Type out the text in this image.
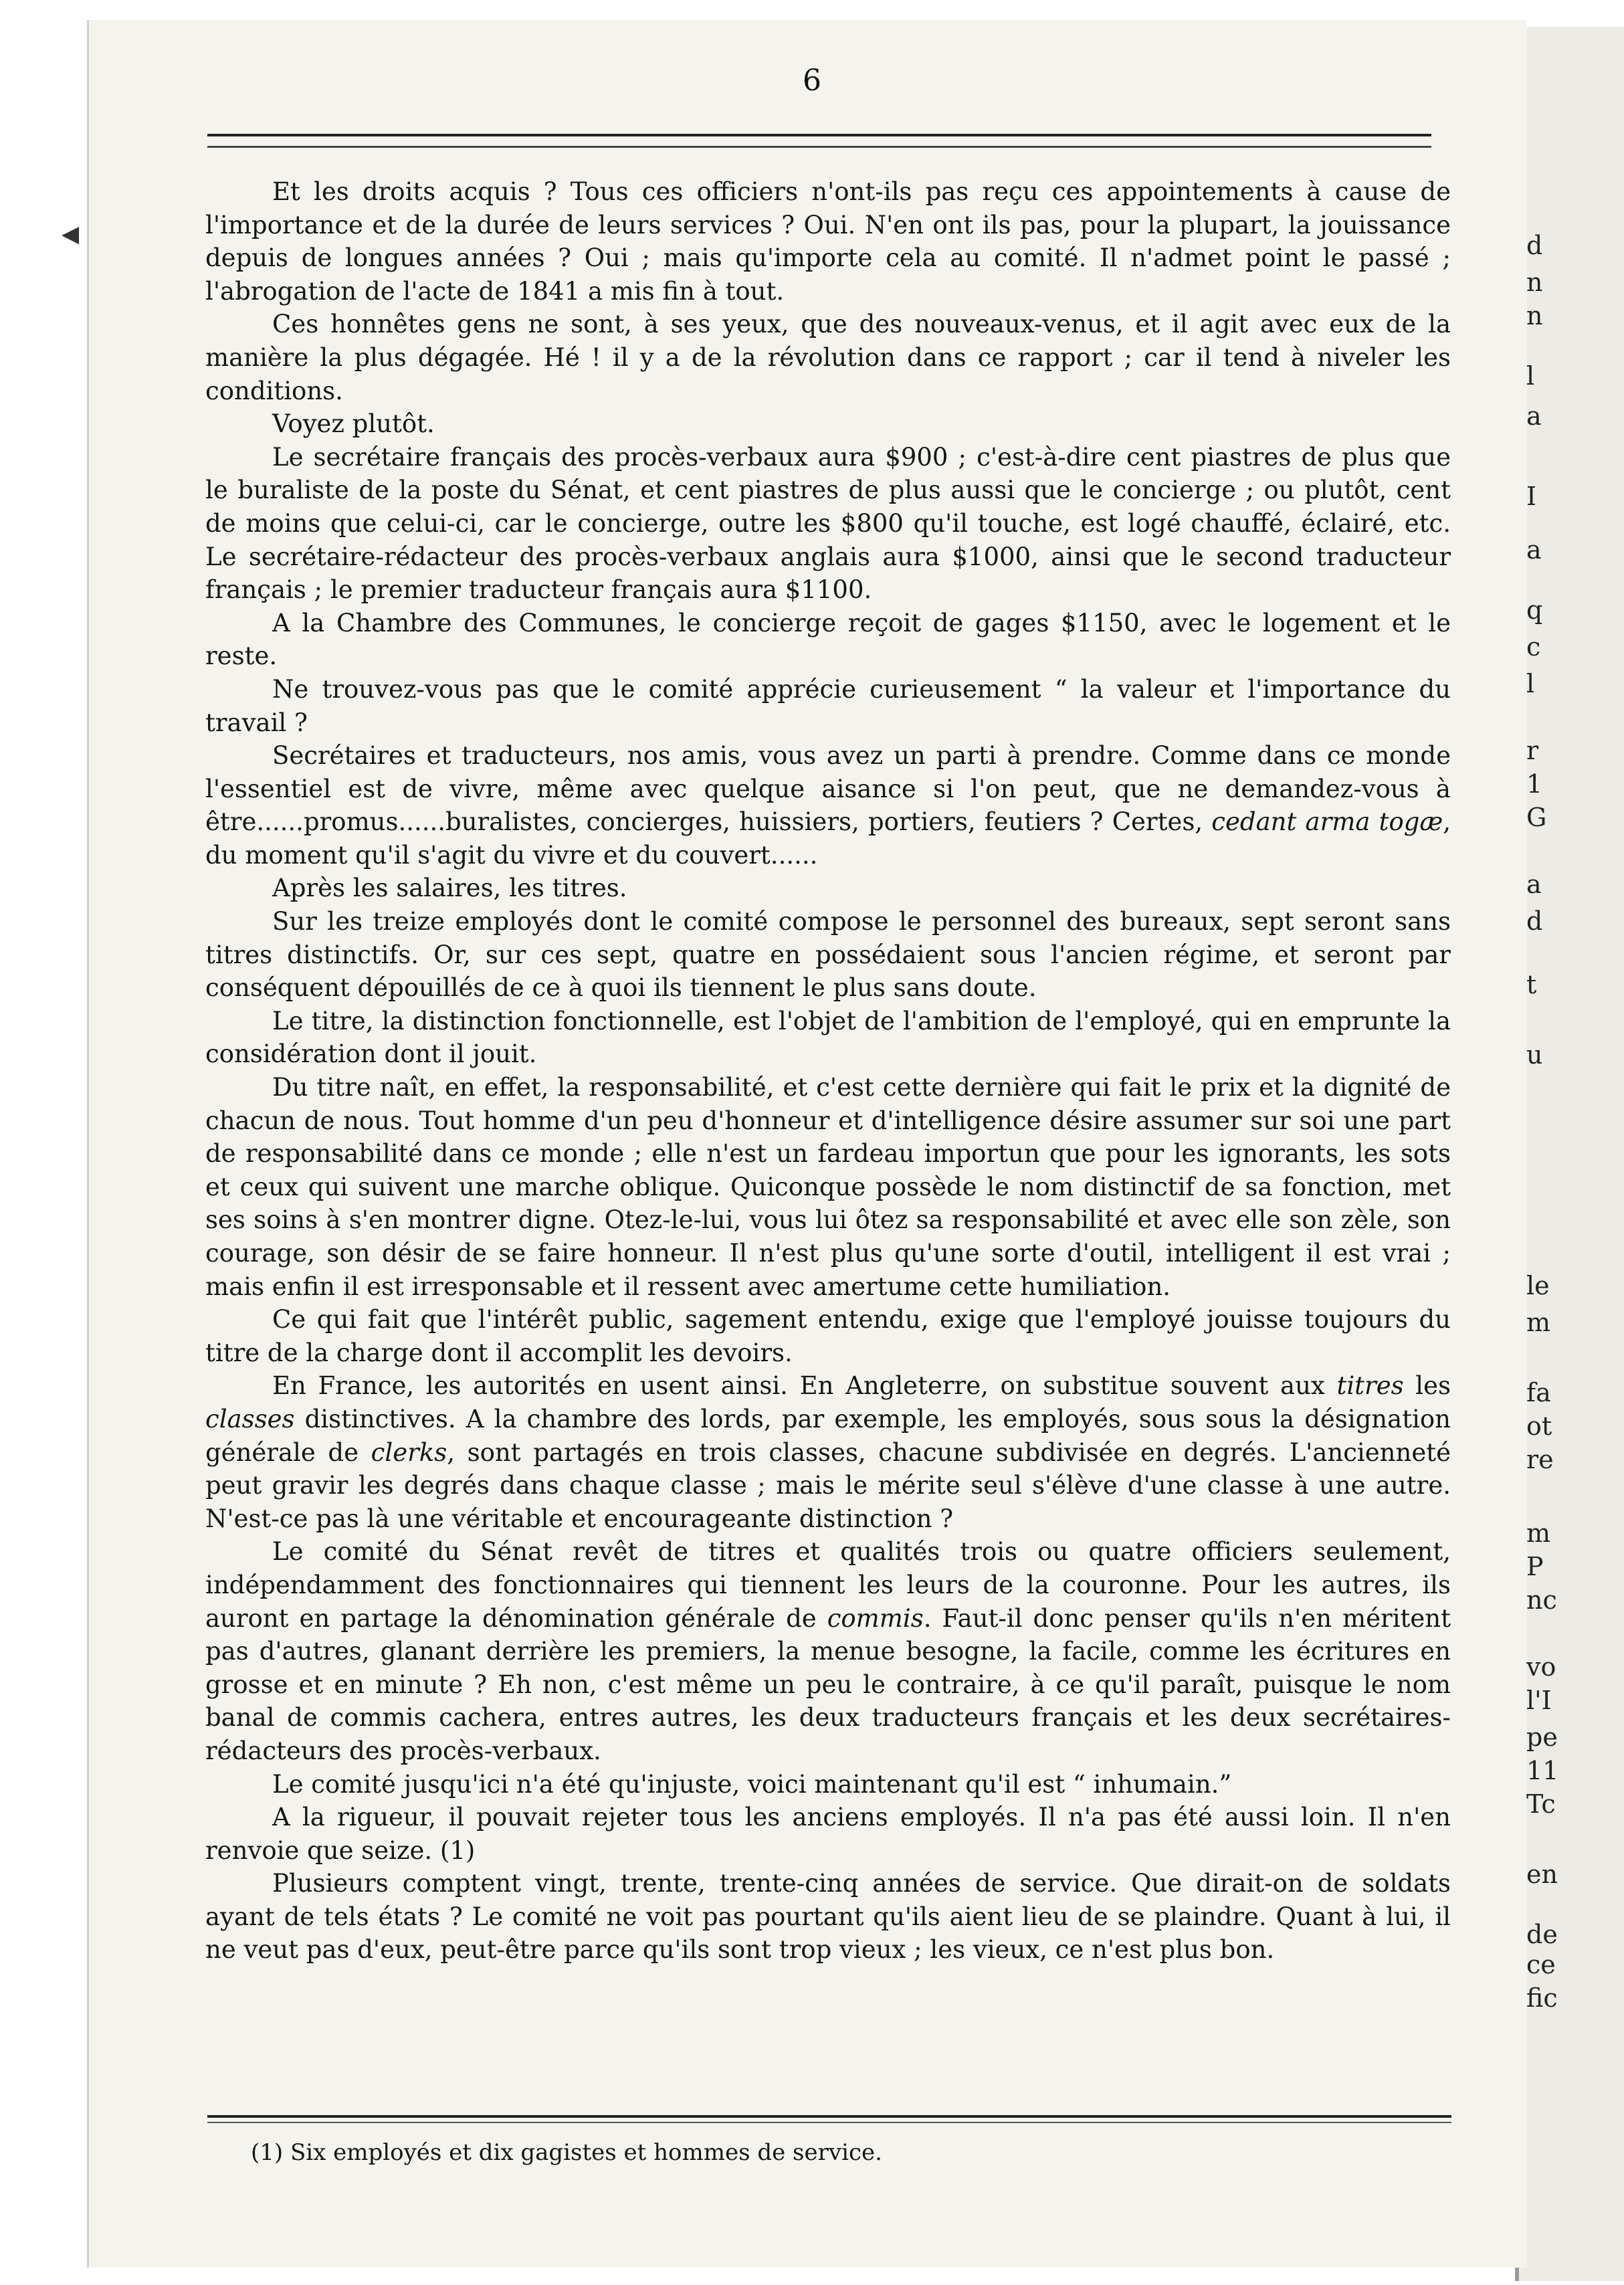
d
n
n
l
a
I
a
q
c
l
r
1
G
a
d
t
u
le
m
fa
ot
re
m
P
nc
vo
l'I
pe
11
Tc
en
de
ce
fic
◀
6

Et les droits acquis ? Tous ces officiers n'ont-ils pas reçu ces appointements à cause de l'importance et de la durée de leurs services ? Oui. N'en ont ils pas, pour la plupart, la jouissance depuis de longues années ? Oui ; mais qu'importe cela au comité. Il n'admet point le passé ; l'abrogation de l'acte de 1841 a mis fin à tout.

Ces honnêtes gens ne sont, à ses yeux, que des nouveaux-venus, et il agit avec eux de la manière la plus dégagée. Hé ! il y a de la révolution dans ce rapport ; car il tend à niveler les conditions.

Voyez plutôt.

Le secrétaire français des procès-verbaux aura $900 ; c'est-à-dire cent piastres de plus que le buraliste de la poste du Sénat, et cent piastres de plus aussi que le concierge ; ou plutôt, cent de moins que celui-ci, car le concierge, outre les $800 qu'il touche, est logé chauffé, éclairé, etc. Le secrétaire-rédacteur des procès-verbaux anglais aura $1000, ainsi que le second traducteur français ; le premier traducteur français aura $1100.

A la Chambre des Communes, le concierge reçoit de gages $1150, avec le logement et le reste.

Ne trouvez-vous pas que le comité apprécie curieusement “ la valeur et l'importance du travail ?

Secrétaires et traducteurs, nos amis, vous avez un parti à prendre. Comme dans ce monde l'essentiel est de vivre, même avec quelque aisance si l'on peut, que ne demandez-vous à être......promus......buralistes, concierges, huissiers, portiers, feutiers ? Certes, cedant arma togæ, du moment qu'il s'agit du vivre et du couvert......

Après les salaires, les titres.

Sur les treize employés dont le comité compose le personnel des bureaux, sept seront sans titres distinctifs. Or, sur ces sept, quatre en possédaient sous l'ancien régime, et seront par conséquent dépouillés de ce à quoi ils tiennent le plus sans doute.

Le titre, la distinction fonctionnelle, est l'objet de l'ambition de l'employé, qui en emprunte la considération dont il jouit.

Du titre naît, en effet, la responsabilité, et c'est cette dernière qui fait le prix et la dignité de chacun de nous. Tout homme d'un peu d'honneur et d'intelligence désire assumer sur soi une part de responsabilité dans ce monde ; elle n'est un fardeau importun que pour les ignorants, les sots et ceux qui suivent une marche oblique. Quiconque possède le nom distinctif de sa fonction, met ses soins à s'en montrer digne. Otez-le-lui, vous lui ôtez sa responsabilité et avec elle son zèle, son courage, son désir de se faire honneur. Il n'est plus qu'une sorte d'outil, intelligent il est vrai ; mais enfin il est irresponsable et il ressent avec amertume cette humiliation.

Ce qui fait que l'intérêt public, sagement entendu, exige que l'employé jouisse toujours du titre de la charge dont il accomplit les devoirs.

En France, les autorités en usent ainsi. En Angleterre, on substitue souvent aux titres les classes distinctives. A la chambre des lords, par exemple, les employés, sous sous la désignation générale de clerks, sont partagés en trois classes, chacune subdivisée en degrés. L'ancienneté peut gravir les degrés dans chaque classe ; mais le mérite seul s'élève d'une classe à une autre. N'est-ce pas là une véritable et encourageante distinction ?

Le comité du Sénat revêt de titres et qualités trois ou quatre officiers seulement, indépendamment des fonctionnaires qui tiennent les leurs de la couronne. Pour les autres, ils auront en partage la dénomination générale de commis. Faut-il donc penser qu'ils n'en méritent pas d'autres, glanant derrière les premiers, la menue besogne, la facile, comme les écritures en grosse et en minute ? Eh non, c'est même un peu le contraire, à ce qu'il paraît, puisque le nom banal de commis cachera, entres autres, les deux traducteurs français et les deux secrétaires-rédacteurs des procès-verbaux.

Le comité jusqu'ici n'a été qu'injuste, voici maintenant qu'il est “ inhumain.”

A la rigueur, il pouvait rejeter tous les anciens employés. Il n'a pas été aussi loin. Il n'en renvoie que seize. (1)

Plusieurs comptent vingt, trente, trente-cinq années de service. Que dirait-on de soldats ayant de tels états ? Le comité ne voit pas pourtant qu'ils aient lieu de se plaindre. Quant à lui, il ne veut pas d'eux, peut-être parce qu'ils sont trop vieux ; les vieux, ce n'est plus bon.

(1) Six employés et dix gagistes et hommes de service.
